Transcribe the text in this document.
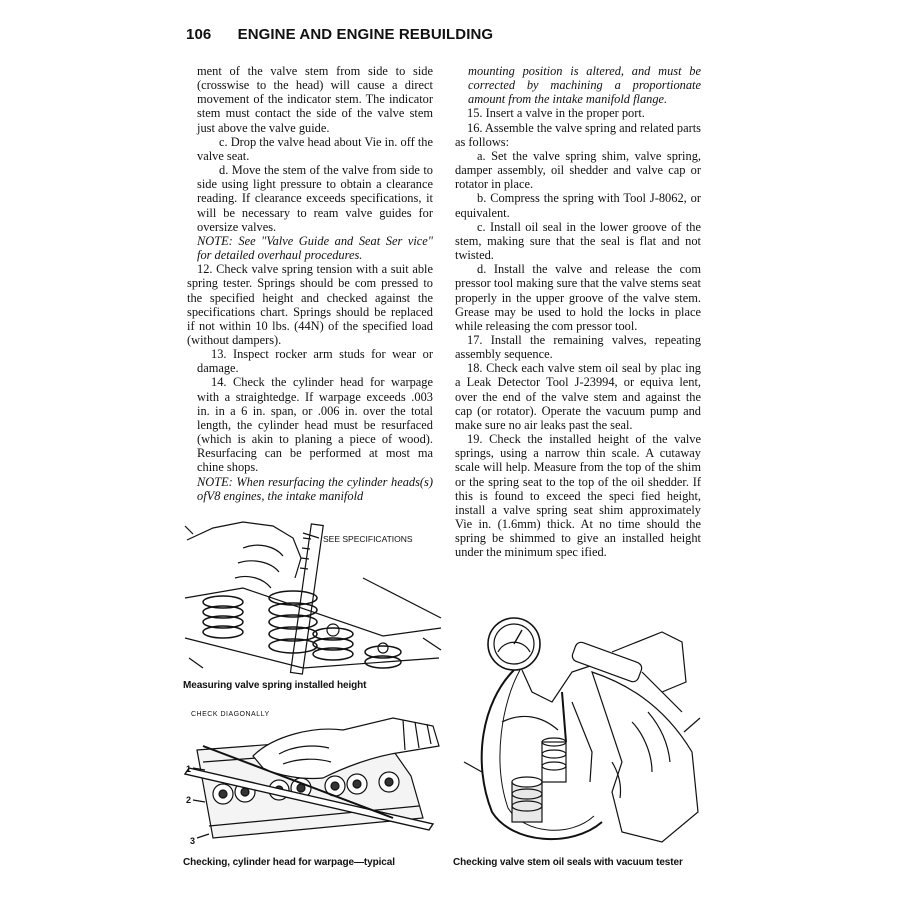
106 ENGINE AND ENGINE REBUILDING

ment of the valve stem from side to side (crosswise to the head) will cause a direct movement of the indicator stem. The indicator stem must contact the side of the valve stem just above the valve guide.

c. Drop the valve head about Vie in. off the valve seat.

d. Move the stem of the valve from side to side using light pressure to obtain a clearance reading. If clearance exceeds specifications, it will be necessary to ream valve guides for oversize valves.

NOTE: See "Valve Guide and Seat Ser vice" for detailed overhaul procedures.

12. Check valve spring tension with a suit able spring tester. Springs should be com pressed to the specified height and checked against the specifications chart. Springs should be replaced if not within 10 lbs. (44N) of the specified load (without dampers).

13. Inspect rocker arm studs for wear or damage.

14. Check the cylinder head for warpage with a straightedge. If warpage exceeds .003 in. in a 6 in. span, or .006 in. over the total length, the cylinder head must be resurfaced (which is akin to planing a piece of wood). Resurfacing can be performed at most ma chine shops.

NOTE: When resurfacing the cylinder heads(s) ofV8 engines, the intake manifold

mounting position is altered, and must be corrected by machining a proportionate amount from the intake manifold flange.

15. Insert a valve in the proper port.

16. Assemble the valve spring and related parts as follows:

a. Set the valve spring shim, valve spring, damper assembly, oil shedder and valve cap or rotator in place.

b. Compress the spring with Tool J-8062, or equivalent.

c. Install oil seal in the lower groove of the stem, making sure that the seal is flat and not twisted.

d. Install the valve and release the com pressor tool making sure that the valve stems seat properly in the upper groove of the valve stem. Grease may be used to hold the locks in place while releasing the com pressor tool.

17. Install the remaining valves, repeating assembly sequence.

18. Check each valve stem oil seal by plac ing a Leak Detector Tool J-23994, or equiva lent, over the end of the valve stem and against the cap (or rotator). Operate the vacuum pump and make sure no air leaks past the seal.

19. Check the installed height of the valve springs, using a narrow thin scale. A cutaway scale will help. Measure from the top of the shim or the spring seat to the top of the oil shedder. If this is found to exceed the speci fied height, install a valve spring seat shim approximately Vie in. (1.6mm) thick. At no time should the spring be shimmed to give an installed height under the minimum spec ified.

SEE SPECIFICATIONS
Measuring valve spring installed height
CHECK DIAGONALLY
1
2
3
Checking, cylinder head for warpage—typical	Checking valve stem oil seals with vacuum tester
